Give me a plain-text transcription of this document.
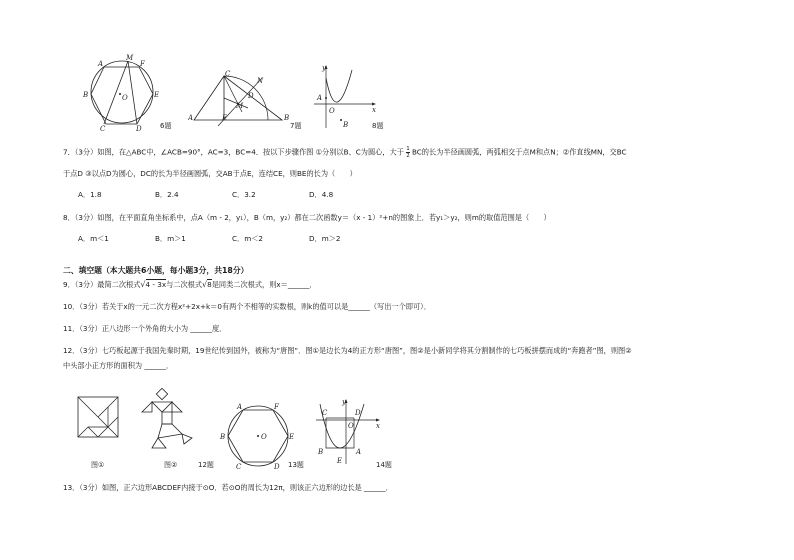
A
M
F
B	O	E
C	D	6题
C
N
M
D
A	E	B
7题
y
A
O	x
B	8题
7．（3分）如图，在△ABC中，∠ACB=90°，AC=3，BC=4．按以下步骤作图 ①分别以B、C为圆心，大于 $\frac{1}{2}$ BC的长为半径画圆弧，两弧相交于点M和点N；②作直线MN，交BC
于点D ③以点D为圆心，DC的长为半径画圆弧，交AB于点E，连结CE，则BE的长为（　　）
A．1.8	B．2.4	C．3.2	D．4.8
8．（3分）如图，在平面直角坐标系中，点A（m - 2，y₁），B（m，y₂）都在二次函数y＝（x - 1）²+n的图象上．若y₁＞y₂，则m的取值范围是（　　）
A．m＜1	B．m＞1	C．m＜2	D．m＞2
二、填空题（本大题共6小题，每小题3分，共18分）
9．（3分）最简二次根式√4 - 3x与二次根式√8是同类二次根式，则x＝______．
10．（3分）若关于x的一元二次方程x²+2x+k＝0有两个不相等的实数根，则k的值可以是______（写出一个即可）．
11．（3分）正八边形一个外角的大小为 ______度．
12．（3分）七巧板起源于我国先秦时期，19世纪传到国外，被称为“唐图”．图①是边长为4的正方形“唐图”，图②是小新同学将其分割制作的七巧板拼摆而成的“奔跑者”图，则图②
中头部小正方形的面积为 ______．
图①	图②	12题
A	F
B	O	E
C	D 13题
C
y
D
O	x
B	A
E	14题
13．（3分）如图，正六边形ABCDEF内接于⊙O．若⊙O的周长为12π，则该正六边形的边长是 ______．
